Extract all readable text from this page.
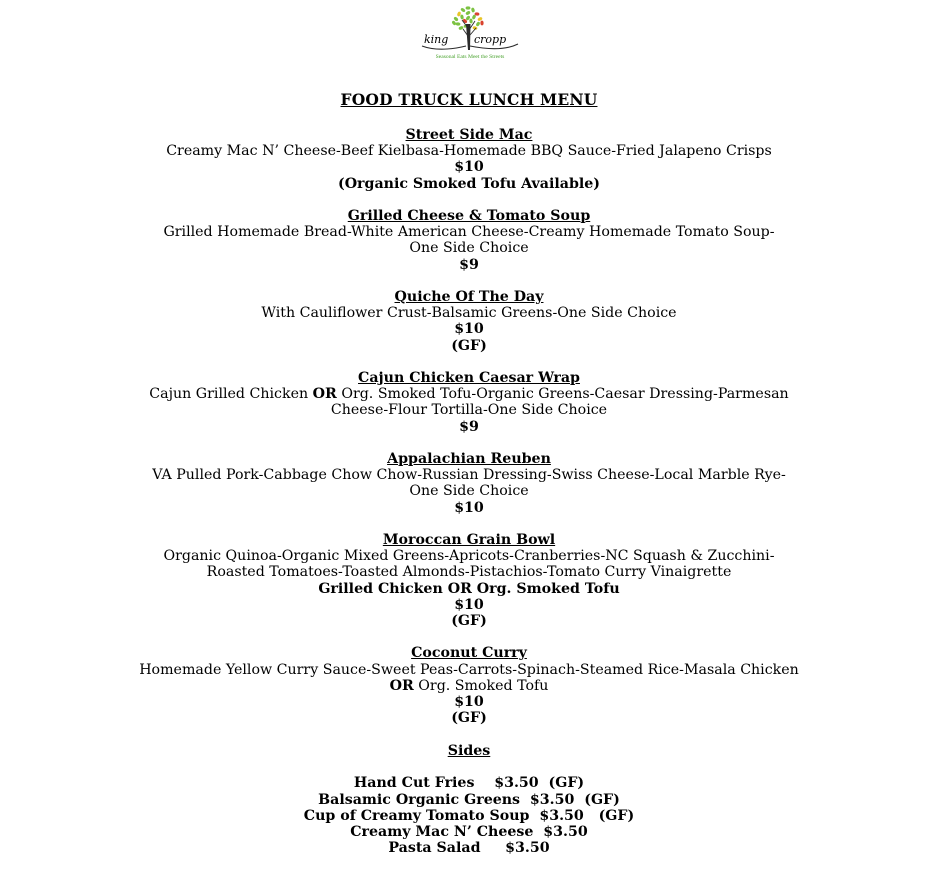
king cropp
Seasonal Eats Meet the Streets
FOOD TRUCK LUNCH MENU
Street Side Mac
Creamy Mac N’ Cheese-Beef Kielbasa-Homemade BBQ Sauce-Fried Jalapeno Crisps
$10
(Organic Smoked Tofu Available)
Grilled Cheese & Tomato Soup
Grilled Homemade Bread-White American Cheese-Creamy Homemade Tomato Soup-One Side Choice
$9
Quiche Of The Day
With Cauliflower Crust-Balsamic Greens-One Side Choice
$10
(GF)
Cajun Chicken Caesar Wrap
Cajun Grilled Chicken OR Org. Smoked Tofu-Organic Greens-Caesar Dressing-Parmesan Cheese-Flour Tortilla-One Side Choice
$9
Appalachian Reuben
VA Pulled Pork-Cabbage Chow Chow-Russian Dressing-Swiss Cheese-Local Marble Rye-One Side Choice
$10
Moroccan Grain Bowl
Organic Quinoa-Organic Mixed Greens-Apricots-Cranberries-NC Squash & Zucchini-Roasted Tomatoes-Toasted Almonds-Pistachios-Tomato Curry Vinaigrette
Grilled Chicken OR Org. Smoked Tofu
$10
(GF)
Coconut Curry
Homemade Yellow Curry Sauce-Sweet Peas-Carrots-Spinach-Steamed Rice-Masala Chicken OR Org. Smoked Tofu
$10
(GF)
Sides
Hand Cut Fries    $3.50  (GF)
Balsamic Organic Greens  $3.50  (GF)
Cup of Creamy Tomato Soup  $3.50   (GF)
Creamy Mac N’ Cheese  $3.50
Pasta Salad     $3.50
